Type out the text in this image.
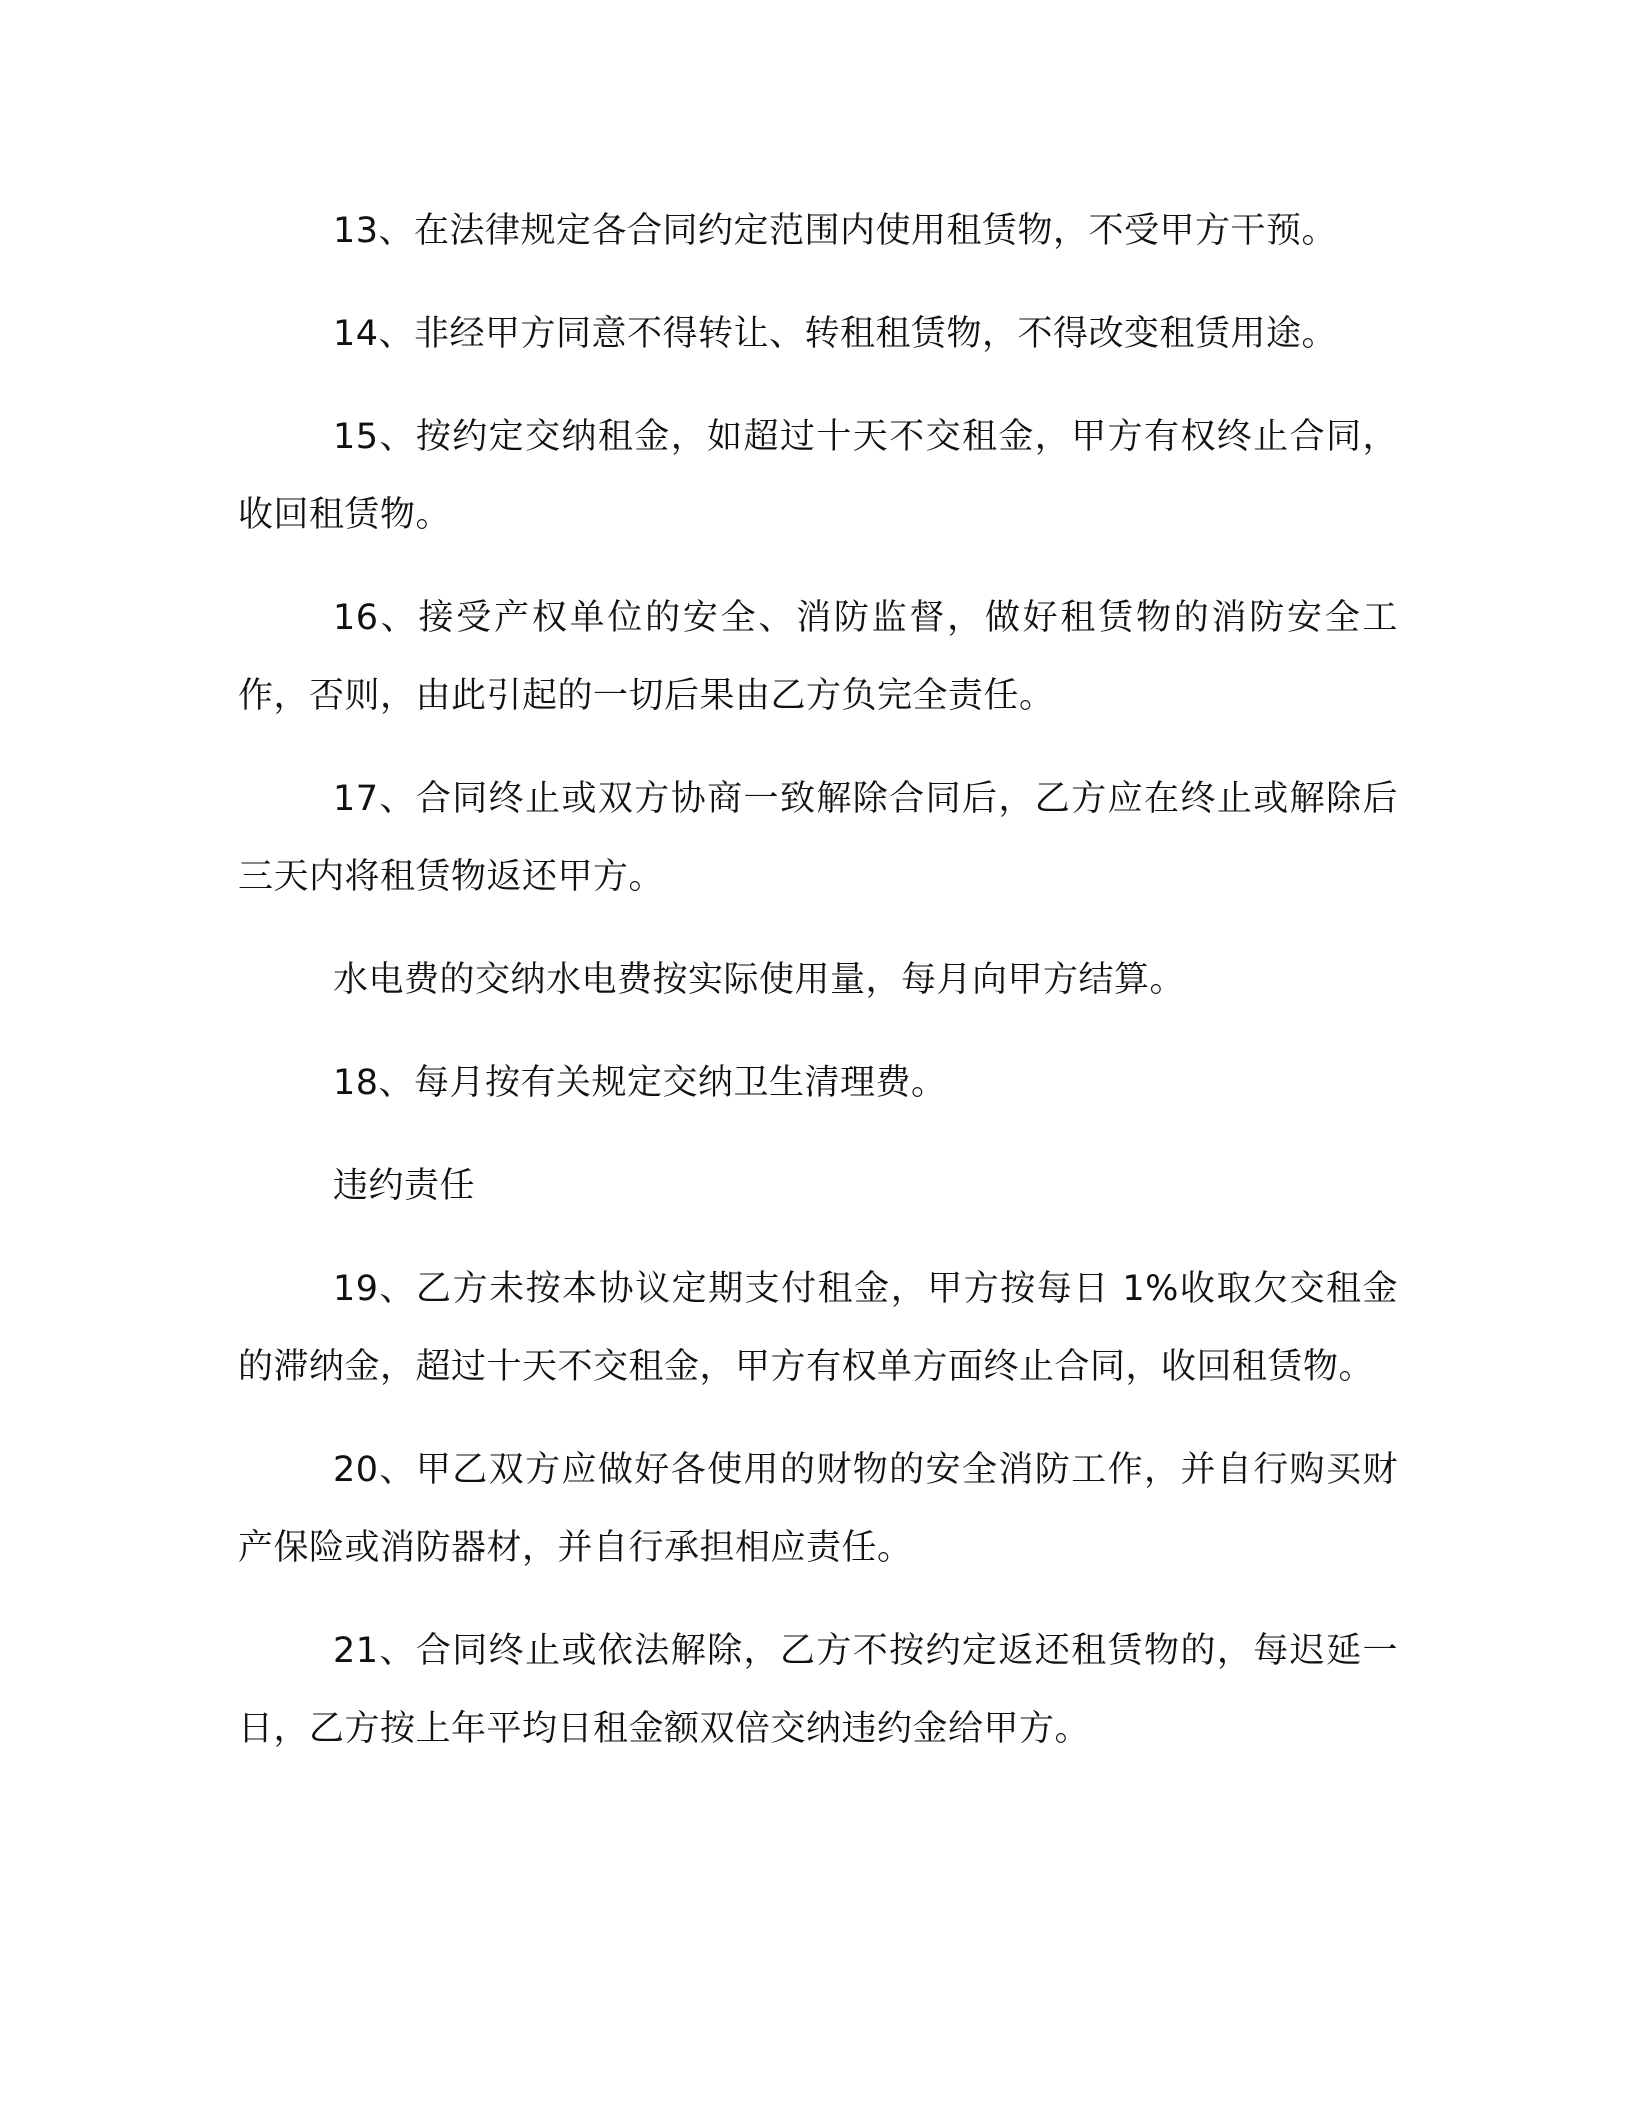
13、在法律规定各合同约定范围内使用租赁物，不受甲方干预。

14、非经甲方同意不得转让、转租租赁物，不得改变租赁用途。

15、按约定交纳租金，如超过十天不交租金，甲方有权终止合同，收回租赁物。

16、接受产权单位的安全、消防监督，做好租赁物的消防安全工作，否则，由此引起的一切后果由乙方负完全责任。

17、合同终止或双方协商一致解除合同后，乙方应在终止或解除后三天内将租赁物返还甲方。

水电费的交纳水电费按实际使用量，每月向甲方结算。

18、每月按有关规定交纳卫生清理费。

违约责任

19、乙方未按本协议定期支付租金，甲方按每日 1%收取欠交租金的滞纳金，超过十天不交租金，甲方有权单方面终止合同，收回租赁物。

20、甲乙双方应做好各使用的财物的安全消防工作，并自行购买财产保险或消防器材，并自行承担相应责任。

21、合同终止或依法解除，乙方不按约定返还租赁物的，每迟延一日，乙方按上年平均日租金额双倍交纳违约金给甲方。
